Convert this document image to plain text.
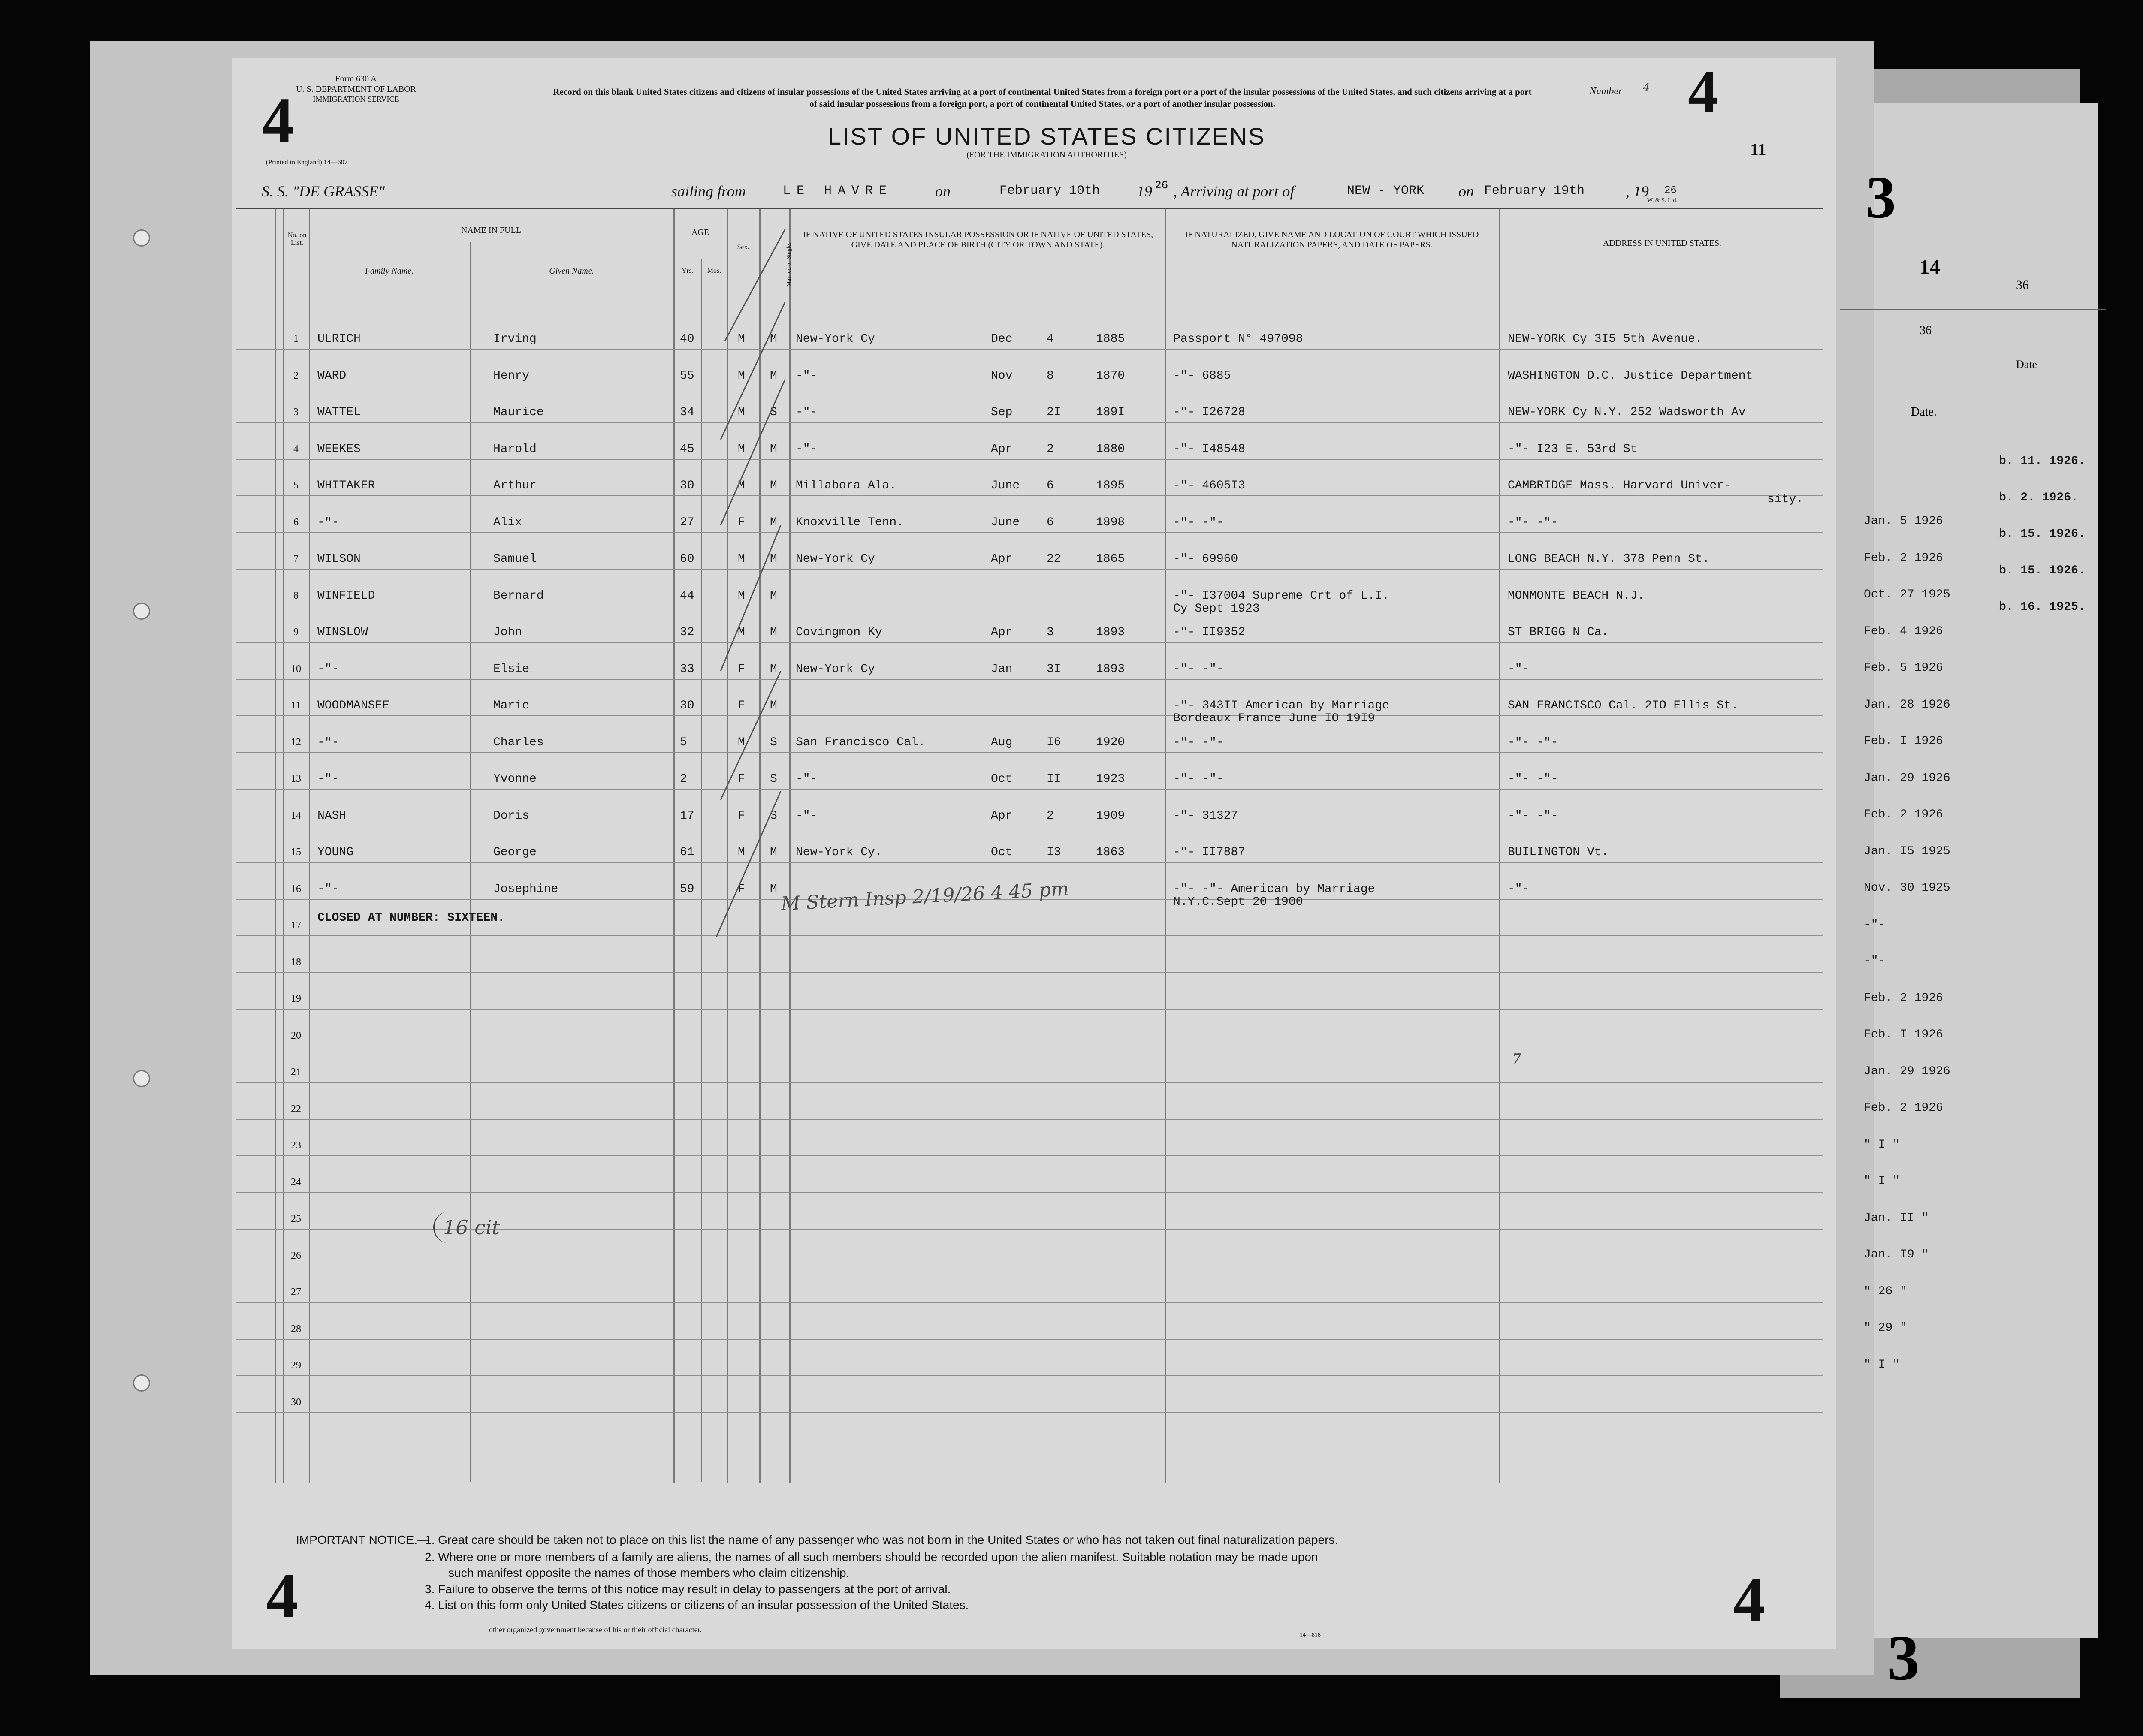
3
14
36
36
Date
Date.
b. 11. 1926.
b. 2. 1926.
b. 15. 1926.
b. 15. 1926.
b. 16. 1925.
Jan. 5 1926
Feb. 2 1926
Oct. 27 1925
Feb. 4 1926
Feb. 5 1926
Jan. 28 1926
Feb. I 1926
Jan. 29 1926
Feb. 2 1926
Jan. I5 1925
Nov. 30 1925
-"-
-"-
Feb. 2 1926
Feb. I 1926
Jan. 29 1926
Feb. 2 1926
" I "
" I "
Jan. II "
Jan. I9 "
" 26 "
" 29 "
" I "
3
4
Form 630 A
U. S. DEPARTMENT OF LABOR
IMMIGRATION SERVICE
(Printed in England) 14—607
Record on this blank United States citizens and citizens of insular possessions of the United States arriving at a port of continental United States from a foreign port or a port of the insular possessions of the United States, and such citizens arriving at a port of said insular possessions from a foreign port, a port of continental United States, or a port of another insular possession.
LIST OF UNITED STATES CITIZENS
(FOR THE IMMIGRATION AUTHORITIES)
Number 4 4
11
S. S. "DE GRASSE"	sailing from	LE HAVRE	on	February 10th 19 26 , Arriving at port of	NEW - YORK on February 19th	, 19 26
W. & S. Ltd.
No. on List.
NAME IN FULL
Family Name.	Given Name.
AGE
Yrs.	Mos.
Sex.	Married or Single.
IF NATIVE OF UNITED STATES INSULAR POSSESSION OR IF NATIVE OF UNITED STATES, GIVE DATE AND PLACE OF BIRTH (CITY OR TOWN AND STATE).
IF NATURALIZED, GIVE NAME AND LOCATION OF COURT WHICH ISSUED NATURALIZATION PAPERS, AND DATE OF PAPERS.	ADDRESS IN UNITED STATES.
1	ULRICH	Irving	40	M M New-York Cy	Dec	4	1885	Passport N° 497098	NEW-YORK Cy 3I5 5th Avenue.
2	WARD	Henry	55	M M -"-	Nov	8	1870	-"- 6885	WASHINGTON D.C. Justice Department
3	WATTEL	Maurice	34	M S -"-	Sep	2I	189I	-"- I26728	NEW-YORK Cy N.Y. 252 Wadsworth Av
4	WEEKES	Harold	45	M M -"-	Apr	2	1880	-"- I48548	-"- I23 E. 53rd St
5	WHITAKER	Arthur	30	M M Millabora Ala.	June 6	1895	-"- 4605I3	CAMBRIDGE Mass. Harvard Univer-
sity.
6	-"-	Alix	27	F M Knoxville Tenn.	June 6	1898	-"- -"-	-"- -"-
7	WILSON	Samuel	60	M M New-York Cy	Apr	22	1865	-"- 69960	LONG BEACH N.Y. 378 Penn St.
8	WINFIELD	Bernard	44	M M	-"- I37004 Supreme Crt of L.I.	MONMONTE BEACH N.J.
Cy Sept 1923
9	WINSLOW	John	32	M M Covingmon Ky	Apr	3	1893	-"- II9352	ST BRIGG N Ca.
10	-"-	Elsie	33	F M New-York Cy	Jan	3I	1893	-"- -"-	-"-
11	WOODMANSEE	Marie	30	F M	-"- 343II American by Marriage	SAN FRANCISCO Cal. 2IO Ellis St.
Bordeaux France June IO 19I9
12	-"-	Charles	5	M S San Francisco Cal.	Aug	I6	1920	-"- -"-	-"- -"-
13	-"-	Yvonne	2	F S -"-	Oct	II	1923	-"- -"-	-"- -"-
14	NASH	Doris	17	F S -"-	Apr	2	1909	-"- 31327	-"- -"-
15	YOUNG	George	61	M M New-York Cy.	Oct	I3	1863	-"- II7887	BUILINGTON Vt.
16	-"-	Josephine	59	F M	-"- -"- American by Marriage	-"-
N.Y.C.Sept 20 1900
17
18
19
20
21
22
23
24
25
26
27
28
29
30
CLOSED AT NUMBER: SIXTEEN.
M Stern Insp 2/19/26 4 45 pm
16 cit
7
IMPORTANT NOTICE.—
1. Great care should be taken not to place on this list the name of any passenger who was not born in the United States or who has not taken out final naturalization papers.
2. Where one or more members of a family are aliens, the names of all such members should be recorded upon the alien manifest. Suitable notation may be made upon
such manifest opposite the names of those members who claim citizenship.
3. Failure to observe the terms of this notice may result in delay to passengers at the port of arrival.
4. List on this form only United States citizens or citizens of an insular possession of the United States.
other organized government because of his or their official character.
14—818
4	4
